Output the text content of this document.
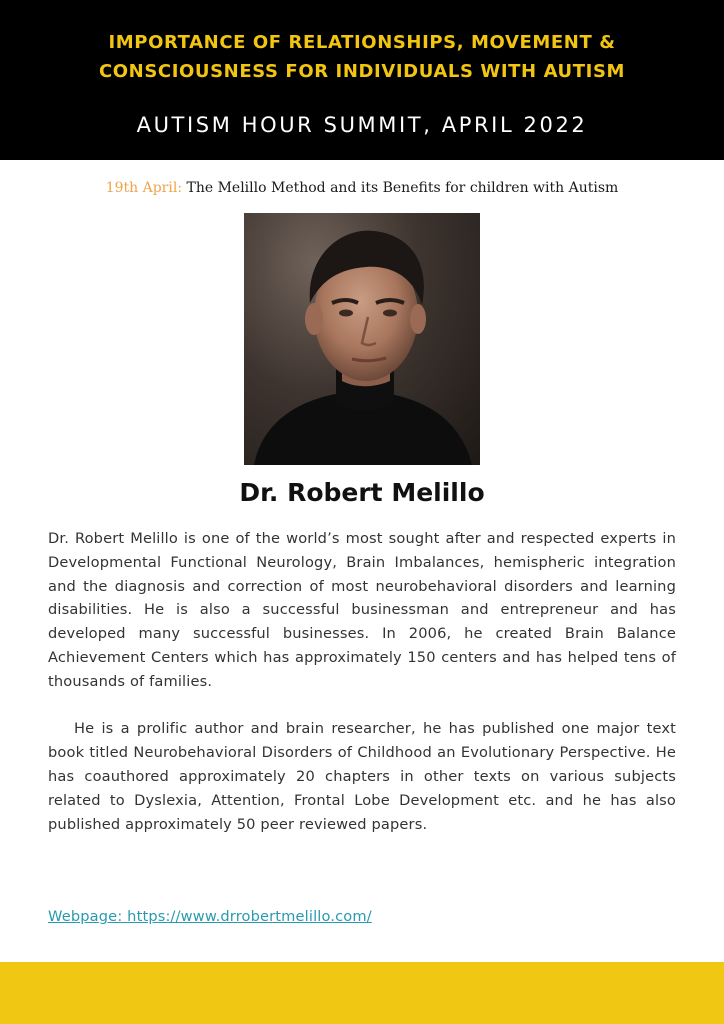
IMPORTANCE OF RELATIONSHIPS, MOVEMENT &
CONSCIOUSNESS FOR INDIVIDUALS WITH AUTISM
AUTISM HOUR SUMMIT, APRIL 2022
19th April: The Melillo Method and its Benefits for children with Autism
Dr. Robert Melillo

Dr. Robert Melillo is one of the world’s most sought after and respected experts in Developmental Functional Neurology, Brain Imbalances, hemispheric integration and the diagnosis and correction of most neurobehavioral disorders and learning disabilities. He is also a successful businessman and entrepreneur and has developed many successful businesses. In 2006, he created Brain Balance Achievement Centers which has approximately 150 centers and has helped tens of thousands of families.

He is a prolific author and brain researcher, he has published one major text book titled Neurobehavioral Disorders of Childhood an Evolutionary Perspective. He has coauthored approximately 20 chapters in other texts on various subjects related to Dyslexia, Attention, Frontal Lobe Development etc. and he has also published approximately 50 peer reviewed papers.

Webpage: https://www.drrobertmelillo.com/
